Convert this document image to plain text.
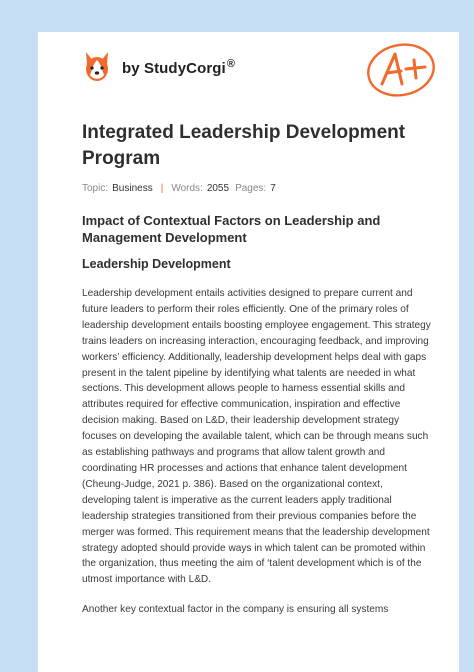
by StudyCorgi®
Integrated Leadership Development Program
Topic: Business | Words: 2055 Pages: 7
Impact of Contextual Factors on Leadership and Management Development
Leadership Development

Leadership development entails activities designed to prepare current and future leaders to perform their roles efficiently. One of the primary roles of leadership development entails boosting employee engagement. This strategy trains leaders on increasing interaction, encouraging feedback, and improving workers’ efficiency. Additionally, leadership development helps deal with gaps present in the talent pipeline by identifying what talents are needed in what sections. This development allows people to harness essential skills and attributes required for effective communication, inspiration and effective decision making. Based on L&D, their leadership development strategy focuses on developing the available talent, which can be through means such as establishing pathways and programs that allow talent growth and coordinating HR processes and actions that enhance talent development (Cheung-Judge, 2021 p. 386). Based on the organizational context, developing talent is imperative as the current leaders apply traditional leadership strategies transitioned from their previous companies before the merger was formed. This requirement means that the leadership development strategy adopted should provide ways in which talent can be promoted within the organization, thus meeting the aim of ‘talent development which is of the utmost importance with L&D.

Another key contextual factor in the company is ensuring all systems
